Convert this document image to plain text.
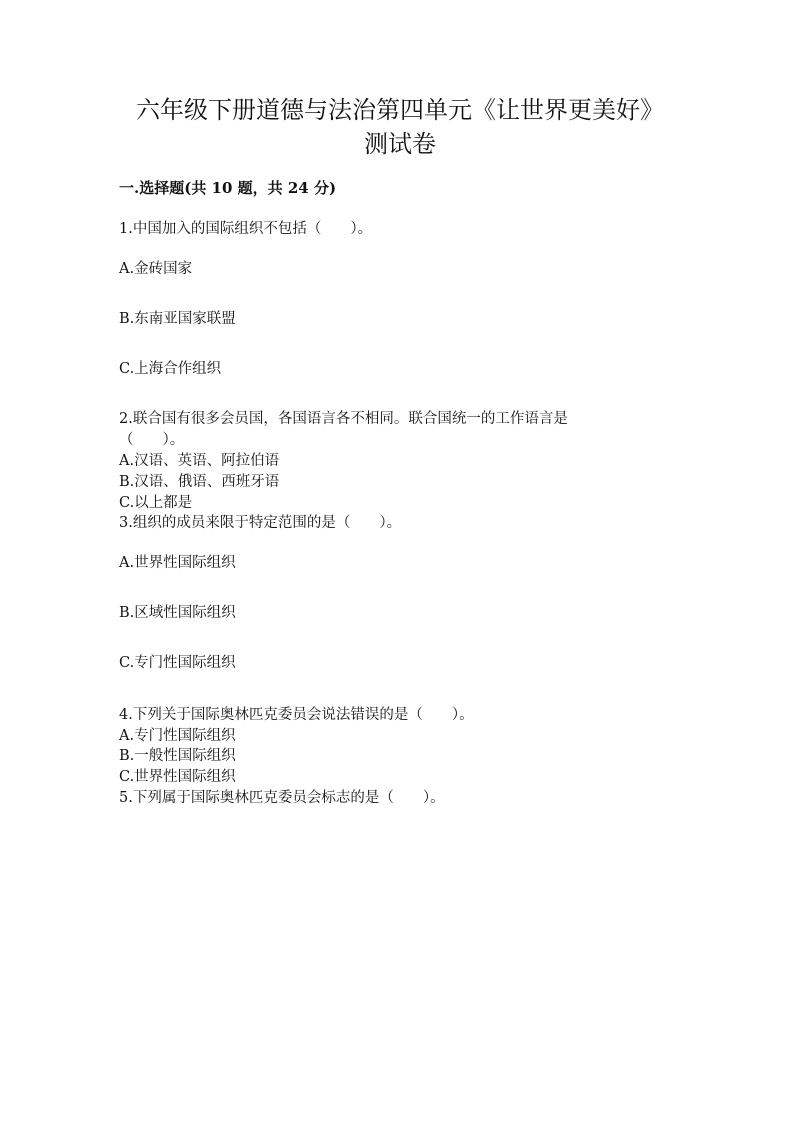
六年级下册道德与法治第四单元《让世界更美好》
测试卷
一.选择题(共 10 题，共 24 分)
1.中国加入的国际组织不包括（　　）。
A.金砖国家
B.东南亚国家联盟
C.上海合作组织
2.联合国有很多会员国，各国语言各不相同。联合国统一的工作语言是
（　　）。
A.汉语、英语、阿拉伯语
B.汉语、俄语、西班牙语
C.以上都是
3.组织的成员来限于特定范围的是（　　）。
A.世界性国际组织
B.区域性国际组织
C.专门性国际组织
4.下列关于国际奥林匹克委员会说法错误的是（　　）。
A.专门性国际组织
B.一般性国际组织
C.世界性国际组织
5.下列属于国际奥林匹克委员会标志的是（　　）。
